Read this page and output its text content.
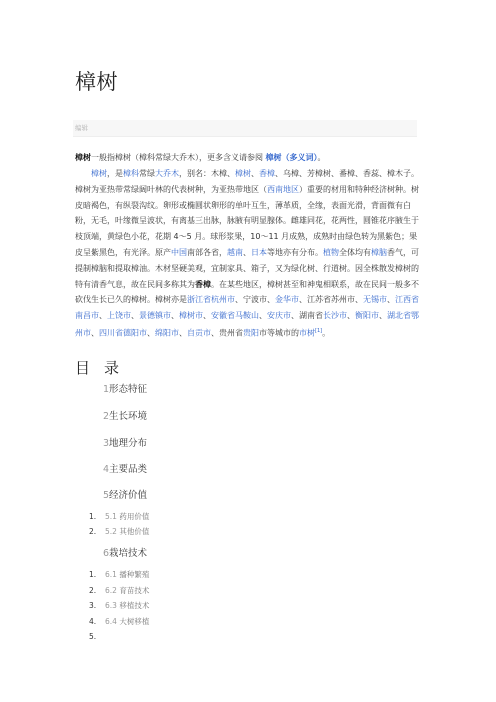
樟树
编辑
樟树一般指樟树（樟科常绿大乔木），更多含义请参阅 樟树（多义词）。
樟树，是樟科常绿大乔木，别名：木樟、樟树、香樟、乌樟、芳樟树、番樟、香蕊、樟木子。樟树为亚热带常绿阔叶林的代表树种，为亚热带地区（西南地区）重要的材用和特种经济树种。树皮暗褐色，有纵裂沟纹。卵形或椭圆状卵形的单叶互生，薄革质，全缘，表面光滑，背面微有白粉，无毛，叶缘微呈波状，有离基三出脉，脉腋有明显腺体。雌雄同花，花两性，圆锥花序腋生于枝顶端，黄绿色小花，花期 4～5 月。球形浆果，10～11 月成熟，成熟时由绿色转为黑紫色；果皮呈紫黑色，有光泽。原产中国南部各省，越南、日本等地亦有分布。植物全体均有樟脑香气，可提制樟脑和提取樟油。木材坚硬美观，宜制家具、箱子，又为绿化树、行道树。因全株散发樟树的特有清香气息，故在民间多称其为香樟。在某些地区，樟树甚至和神鬼相联系，故在民间一般多不砍伐生长已久的樟树。樟树亦是浙江省杭州市、宁波市、金华市、江苏省苏州市、无锡市、江西省南昌市、上饶市、景德镇市、樟树市、安徽省马鞍山、安庆市、湖南省长沙市、衡阳市、湖北省鄂州市、四川省德阳市、绵阳市、自贡市、贵州省贵阳市等城市的市树[1]。
目录
1形态特征
2生长环境
3地理分布
4主要品类
5经济价值
1. 5.1 药用价值
2. 5.2 其他价值
6栽培技术
1. 6.1 播种繁殖
2. 6.2 育苗技术
3. 6.3 移植技术
4. 6.4 大树移植
5.
